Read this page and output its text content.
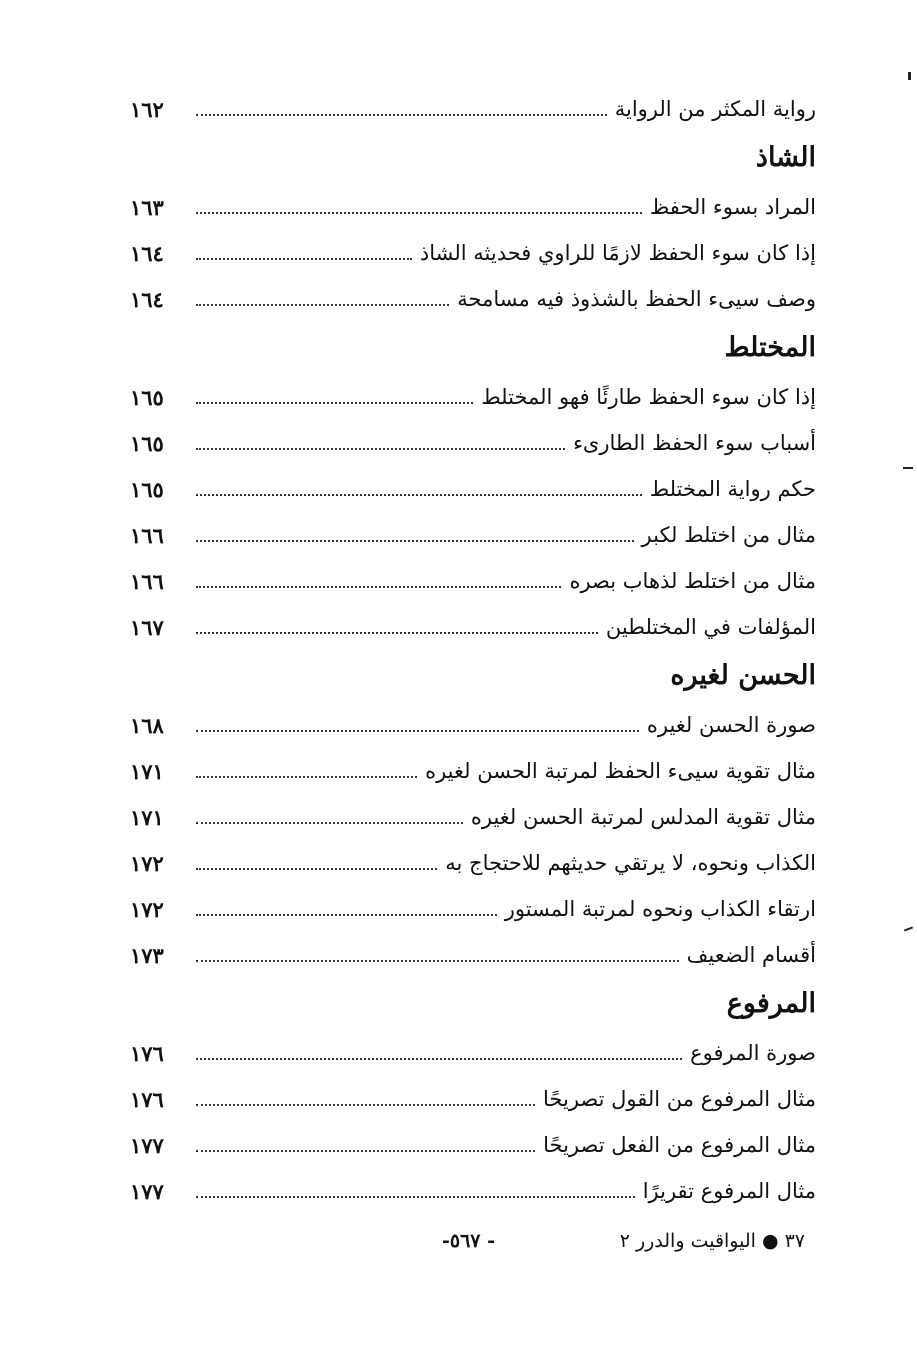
رواية المكثر من الرواية
١٦٢
الشاذ
المراد بسوء الحفظ
١٦٣
إذا كان سوء الحفظ لازمًا للراوي فحديثه الشاذ
١٦٤
وصف سيىء الحفظ بالشذوذ فيه مسامحة
١٦٤
المختلط
إذا كان سوء الحفظ طارئًا فهو المختلط
١٦٥
أسباب سوء الحفظ الطارىء
١٦٥
حكم رواية المختلط
١٦٥
مثال من اختلط لكبر
١٦٦
مثال من اختلط لذهاب بصره
١٦٦
المؤلفات في المختلطين
١٦٧
الحسن لغيره
صورة الحسن لغيره
١٦٨
مثال تقوية سيىء الحفظ لمرتبة الحسن لغيره
١٧١
مثال تقوية المدلس لمرتبة الحسن لغيره
١٧١
الكذاب ونحوه، لا يرتقي حديثهم للاحتجاج به
١٧٢
ارتقاء الكذاب ونحوه لمرتبة المستور
١٧٢
أقسام الضعيف
١٧٣
المرفوع
صورة المرفوع
١٧٦
مثال المرفوع من القول تصريحًا
١٧٦
مثال المرفوع من الفعل تصريحًا
١٧٧
مثال المرفوع تقريرًا
١٧٧
٣٧ ● اليواقيت والدرر ٢
- ٥٦٧-
